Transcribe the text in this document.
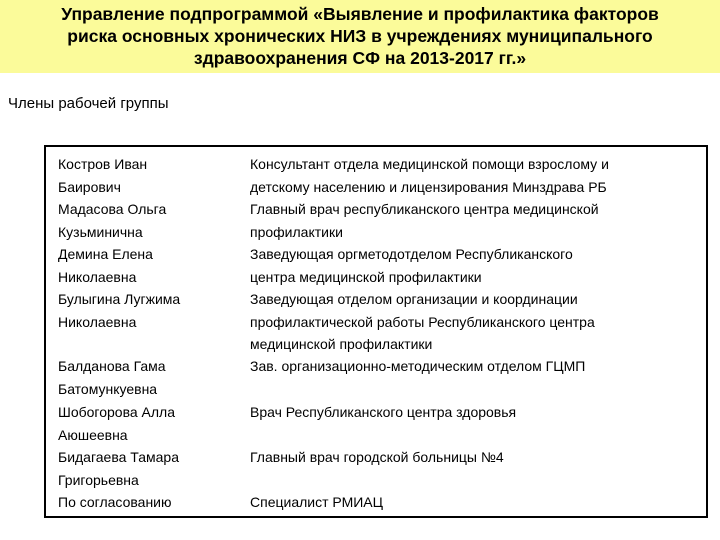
Управление подпрограммой «Выявление и профилактика факторов
риска основных хронических НИЗ в учреждениях муниципального
здравоохранения СФ на 2013-2017 гг.»

Члены рабочей группы

Костров Иван
Баирович
Консультант отдела медицинской помощи взрослому и
детскому населению и лицензирования Минздрава РБ
Мадасова Ольга
Кузьминична
Главный врач республиканского центра медицинской
профилактики
Демина Елена
Николаевна
Заведующая оргметодотделом Республиканского
центра медицинской профилактики
Булыгина Лугжима
Николаевна
Заведующая отделом организации и координации
профилактической работы Республиканского центра
медицинской профилактики
Балданова Гама
Батомункуевна
Зав. организационно-методическим отделом ГЦМП
Шобогорова Алла
Аюшеевна
Врач Республиканского центра здоровья
Бидагаева Тамара
Григорьевна
Главный врач городской больницы №4
По согласованию	Специалист РМИАЦ
